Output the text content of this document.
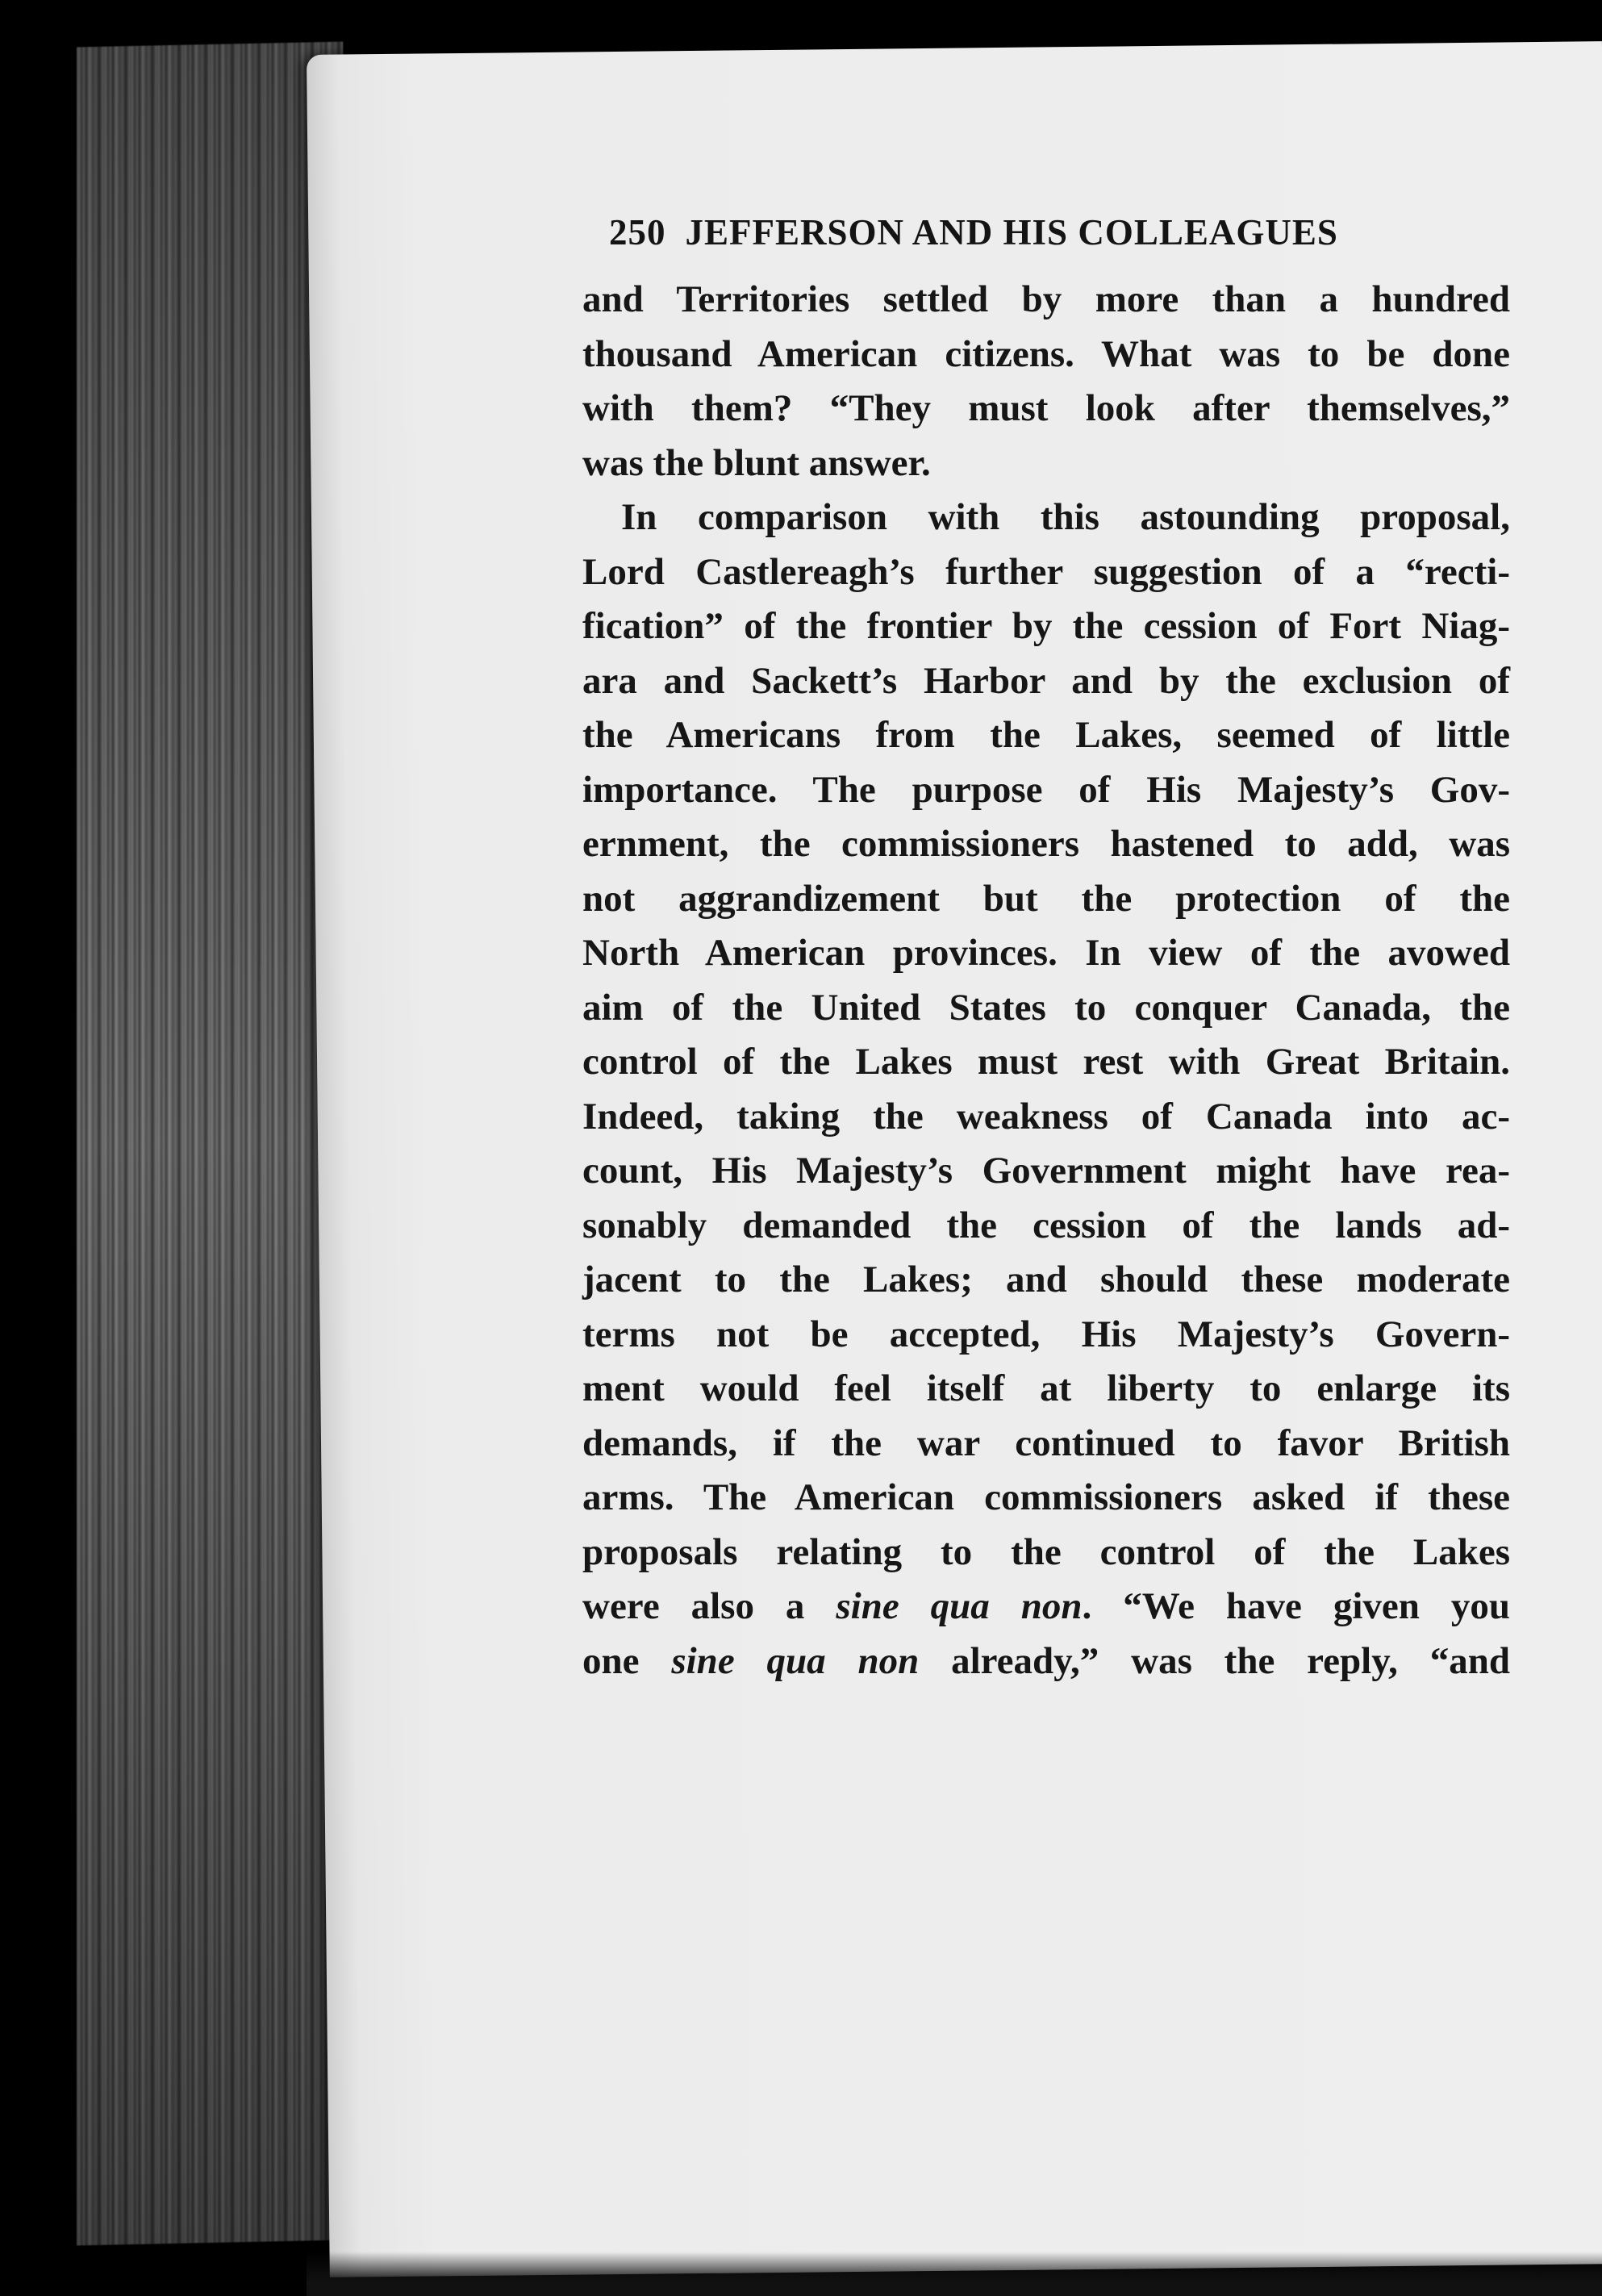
250 JEFFERSON AND HIS COLLEAGUES
and Territories settled by more than a hundred
thousand American citizens. What was to be done
with them? “They must look after themselves,”
was the blunt answer.
In comparison with this astounding proposal,
Lord Castlereagh’s further suggestion of a “recti-
fication” of the frontier by the cession of Fort Niag-
ara and Sackett’s Harbor and by the exclusion of
the Americans from the Lakes, seemed of little
importance. The purpose of His Majesty’s Gov-
ernment, the commissioners hastened to add, was
not aggrandizement but the protection of the
North American provinces. In view of the avowed
aim of the United States to conquer Canada, the
control of the Lakes must rest with Great Britain.
Indeed, taking the weakness of Canada into ac-
count, His Majesty’s Government might have rea-
sonably demanded the cession of the lands ad-
jacent to the Lakes; and should these moderate
terms not be accepted, His Majesty’s Govern-
ment would feel itself at liberty to enlarge its
demands, if the war continued to favor British
arms. The American commissioners asked if these
proposals relating to the control of the Lakes
were also a sine qua non. “We have given you
one sine qua non already,” was the reply, “and
